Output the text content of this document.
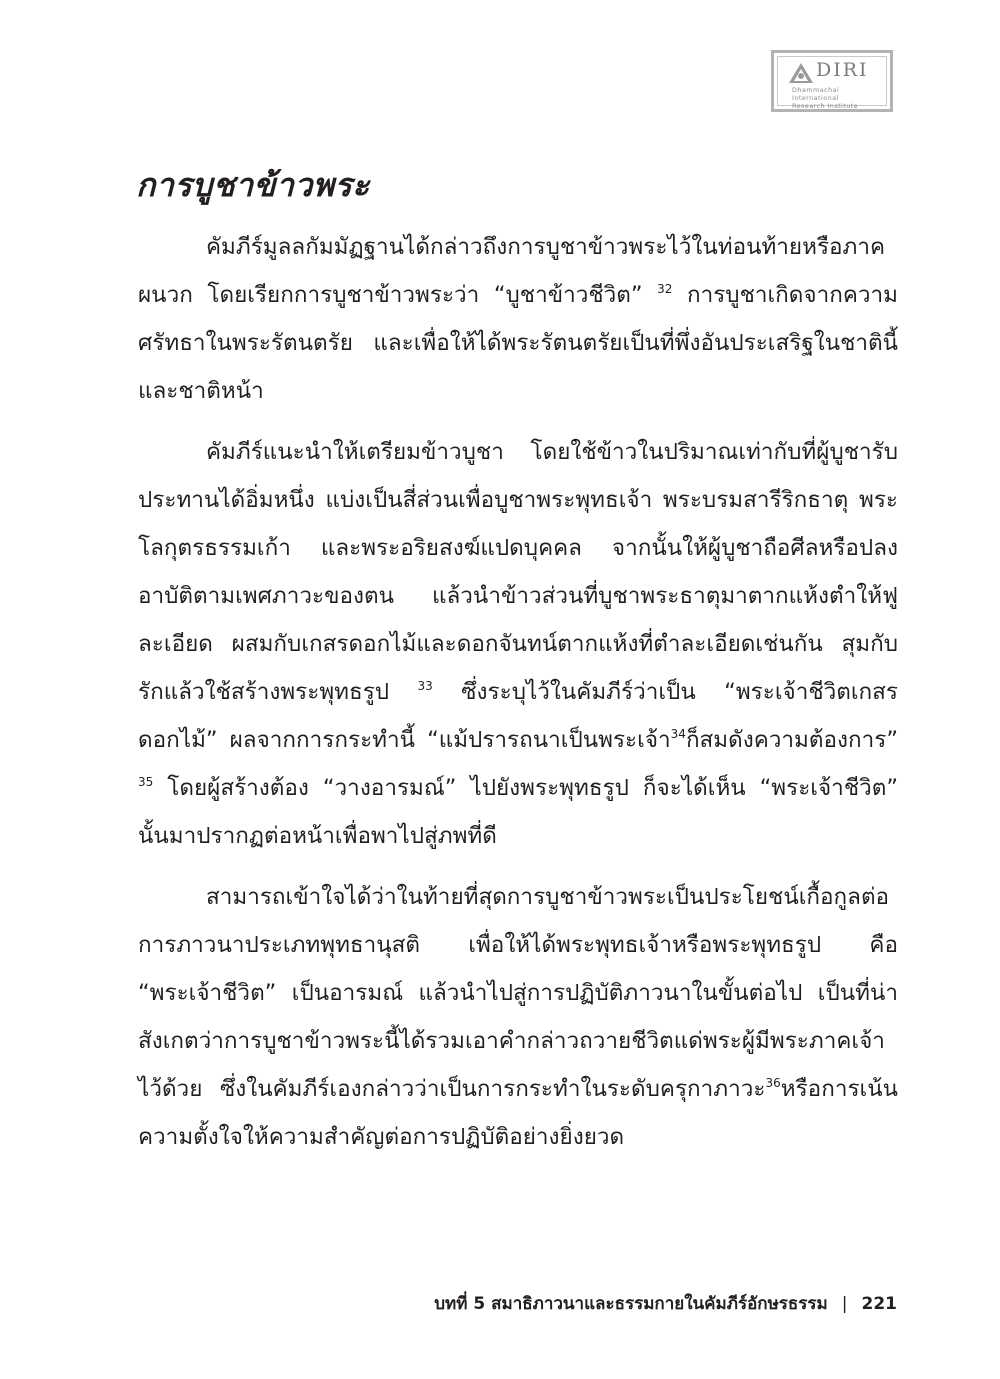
DIRI
Dhammachai International
Research Institute
การบูชาข้าวพระ

คัมภีร์มูลลกัมมัฏฐานได้กล่าวถึงการบูชาข้าวพระไว้ในท่อนท้ายหรือภาคผนวก โดยเรียกการบูชาข้าวพระว่า “บูชาข้าวชีวิต” $^{32}$ การบูชาเกิดจากความศรัทธาในพระรัตนตรัย และเพื่อให้ได้พระรัตนตรัยเป็นที่พึ่งอันประเสริฐในชาตินี้และชาติหน้า

คัมภีร์แนะนำให้เตรียมข้าวบูชา โดยใช้ข้าวในปริมาณเท่ากับที่ผู้บูชารับประทานได้อิ่มหนึ่ง แบ่งเป็นสี่ส่วนเพื่อบูชาพระพุทธเจ้า พระบรมสารีริกธาตุ พระโลกุตรธรรมเก้า และพระอริยสงฆ์แปดบุคคล จากนั้นให้ผู้บูชาถือศีลหรือปลงอาบัติตามเพศภาวะของตน แล้วนำข้าวส่วนที่บูชาพระธาตุมาตากแห้งตำให้ฟูละเอียด ผสมกับเกสรดอกไม้และดอกจันทน์ตากแห้งที่ตำละเอียดเช่นกัน สุมกับรักแล้วใช้สร้างพระพุทธรูป $^{33}$ ซึ่งระบุไว้ในคัมภีร์ว่าเป็น “พระเจ้าชีวิตเกสรดอกไม้” ผลจากการกระทำนี้ “แม้ปรารถนาเป็นพระเจ้า$^{34}$ก็สมดังความต้องการ” $^{35}$ โดยผู้สร้างต้อง “วางอารมณ์” ไปยังพระพุทธรูป ก็จะได้เห็น “พระเจ้าชีวิต” นั้นมาปรากฏต่อหน้าเพื่อพาไปสู่ภพที่ดี

สามารถเข้าใจได้ว่าในท้ายที่สุดการบูชาข้าวพระเป็นประโยชน์เกื้อกูลต่อการภาวนาประเภทพุทธานุสติ เพื่อให้ได้พระพุทธเจ้าหรือพระพุทธรูป คือ “พระเจ้าชีวิต” เป็นอารมณ์ แล้วนำไปสู่การปฏิบัติภาวนาในขั้นต่อไป เป็นที่น่าสังเกตว่าการบูชาข้าวพระนี้ได้รวมเอาคำกล่าวถวายชีวิตแด่พระผู้มีพระภาคเจ้าไว้ด้วย ซึ่งในคัมภีร์เองกล่าวว่าเป็นการกระทำในระดับครุกาภาวะ$^{36}$หรือการเน้นความตั้งใจให้ความสำคัญต่อการปฏิบัติอย่างยิ่งยวด

บทที่ 5 สมาธิภาวนาและธรรมกายในคัมภีร์อักษรธรรม | 221
